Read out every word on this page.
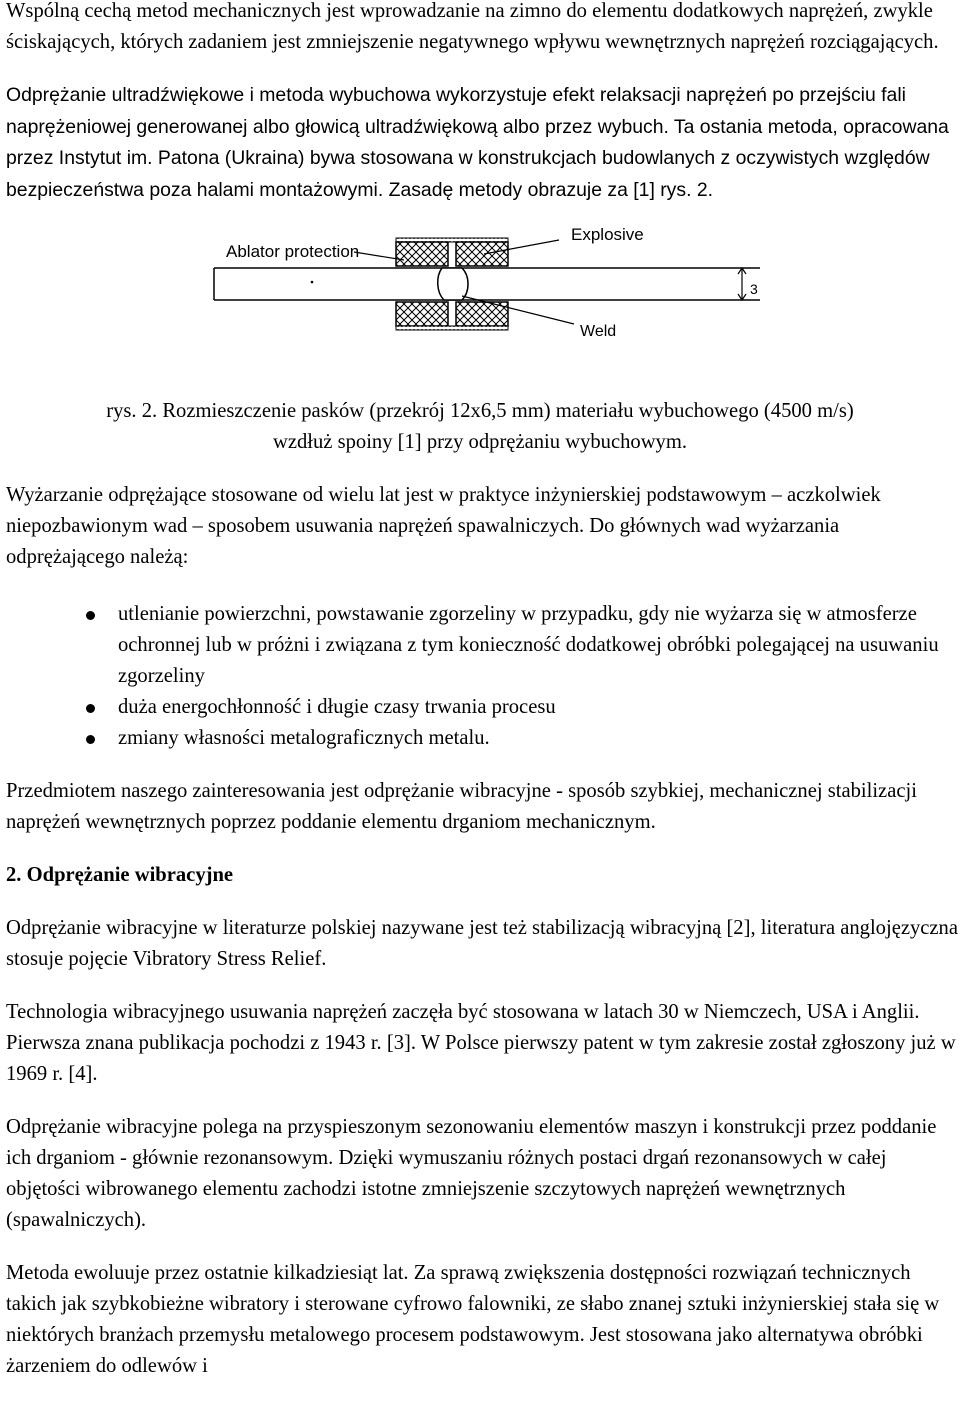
Wspólną cechą metod mechanicznych jest wprowadzanie na zimno do elementu dodatkowych naprężeń, zwykle ściskających, których zadaniem jest zmniejszenie negatywnego wpływu wewnętrznych naprężeń rozciągających.

Odprężanie ultradźwiękowe i metoda wybuchowa wykorzystuje efekt relaksacji naprężeń po przejściu fali naprężeniowej generowanej albo głowicą ultradźwiękową albo przez wybuch. Ta ostania metoda, opracowana przez Instytut im. Patona (Ukraina) bywa stosowana w konstrukcjach budowlanych z oczywistych względów bezpieczeństwa poza halami montażowymi. Zasadę metody obrazuje za [1] rys. 2.

Ablator protection
Explosive
Weld
3

rys. 2. Rozmieszczenie pasków (przekrój 12x6,5 mm) materiału wybuchowego (4500 m/s)

wzdłuż spoiny [1] przy odprężaniu wybuchowym.

Wyżarzanie odprężające stosowane od wielu lat jest w praktyce inżynierskiej podstawowym – aczkolwiek niepozbawionym wad – sposobem usuwania naprężeń spawalniczych. Do głównych wad wyżarzania odprężającego należą:

utlenianie powierzchni, powstawanie zgorzeliny w przypadku, gdy nie wyżarza się w atmosferze ochronnej lub w próżni i związana z tym konieczność dodatkowej obróbki polegającej na usuwaniu zgorzeliny
duża energochłonność i długie czasy trwania procesu
zmiany własności metalograficznych metalu.

Przedmiotem naszego zainteresowania jest odprężanie wibracyjne - sposób szybkiej, mechanicznej stabilizacji naprężeń wewnętrznych poprzez poddanie elementu drganiom mechanicznym.

2. Odprężanie wibracyjne

Odprężanie wibracyjne w literaturze polskiej nazywane jest też stabilizacją wibracyjną [2], literatura anglojęzyczna stosuje pojęcie Vibratory Stress Relief.

Technologia wibracyjnego usuwania naprężeń zaczęła być stosowana w latach 30 w Niemczech, USA i Anglii. Pierwsza znana publikacja pochodzi z 1943 r. [3]. W Polsce pierwszy patent w tym zakresie został zgłoszony już w 1969 r. [4].

Odprężanie wibracyjne polega na przyspieszonym sezonowaniu elementów maszyn i konstrukcji przez poddanie ich drganiom - głównie rezonansowym. Dzięki wymuszaniu różnych postaci drgań rezonansowych w całej objętości wibrowanego elementu zachodzi istotne zmniejszenie szczytowych naprężeń wewnętrznych (spawalniczych).

Metoda ewoluuje przez ostatnie kilkadziesiąt lat. Za sprawą zwiększenia dostępności rozwiązań technicznych takich jak szybkobieżne wibratory i sterowane cyfrowo falowniki, ze słabo znanej sztuki inżynierskiej stała się w niektórych branżach przemysłu metalowego procesem podstawowym. Jest stosowana jako alternatywa obróbki żarzeniem do odlewów i
